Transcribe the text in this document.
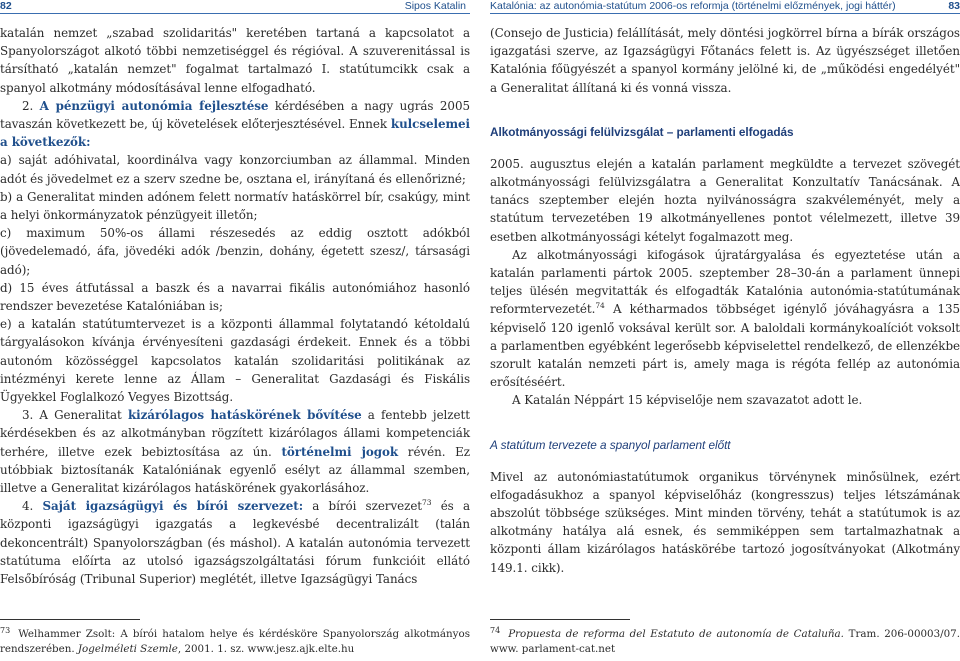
82	Sipos Katalin

katalán nemzet „szabad szolidaritás" keretében tartaná a kapcsolatot a Spanyolországot alkotó többi nemzetiséggel és régióval. A szuverenitással is társítható „katalán nemzet" fogalmat tartalmazó I. statútumcikk csak a spanyol alkotmány módosításával lenne elfogadható.

2. A pénzügyi autonómia fejlesztése kérdésében a nagy ugrás 2005 tavaszán következett be, új követelések előterjesztésével. Ennek kulcselemei a következők:

a) saját adóhivatal, koordinálva vagy konzorciumban az állammal. Minden adót és jövedelmet ez a szerv szedne be, osztana el, irányítaná és ellenőrizné;

b) a Generalitat minden adónem felett normatív hatáskörrel bír, csakúgy, mint a helyi önkormányzatok pénzügyeit illetőn;

c) maximum 50%-os állami részesedés az eddig osztott adókból (jövedelemadó, áfa, jövedéki adók /benzin, dohány, égetett szesz/, társasági adó);

d) 15 éves átfutással a baszk és a navarrai fikális autonómiához hasonló rendszer bevezetése Katalóniában is;

e) a katalán statútumtervezet is a központi állammal folytatandó kétoldalú tárgyalásokon kívánja érvényesíteni gazdasági érdekeit. Ennek és a többi autonóm közösséggel kapcsolatos katalán szolidaritási politikának az intézményi kerete lenne az Állam – Generalitat Gazdasági és Fiskális Ügyekkel Foglalkozó Vegyes Bizottság.

3. A Generalitat kizárólagos hatáskörének bővítése a fentebb jelzett kérdésekben és az alkotmányban rögzített kizárólagos állami kompetenciák terhére, illetve ezek bebiztosítása az ún. történelmi jogok révén. Ez utóbbiak biztosítanák Katalóniának egyenlő esélyt az állammal szemben, illetve a Generalitat kizárólagos hatáskörének gyakorlásához.

4. Saját igazságügyi és bírói szervezet: a bírói szervezet$^{73}$ és a központi igazságügyi igazgatás a legkevésbé decentralizált (talán dekoncentrált) Spanyolországban (és máshol). A katalán autonómia tervezett statútuma előírta az utolsó igazságszolgáltatási fórum funkcióit ellátó Felsőbíróság (Tribunal Superior) meglétét, illetve Igazságügyi Tanács

$^{73}$ Welhammer Zsolt: A bírói hatalom helye és kérdésköre Spanyolország alkotmányos rendszerében. Jogelméleti Szemle, 2001. 1. sz. www.jesz.ajk.elte.hu
Katalónia: az autonómia-statútum 2006-os reformja (történelmi előzmények, jogi háttér)	83

(Consejo de Justicia) felállítását, mely döntési jogkörrel bírna a bírák országos igazgatási szerve, az Igazságügyi Főtanács felett is. Az ügyészséget illetően Katalónia főügyészét a spanyol kormány jelölné ki, de „működési engedélyét" a Generalitat állítaná ki és vonná vissza.

Alkotmányossági felülvizsgálat – parlamenti elfogadás

2005. augusztus elején a katalán parlament megküldte a tervezet szövegét alkotmányossági felülvizsgálatra a Generalitat Konzultatív Tanácsának. A tanács szeptember elején hozta nyilvánosságra szakvéleményét, mely a statútum tervezetében 19 alkotmányellenes pontot vélelmezett, illetve 39 esetben alkotmányossági kételyt fogalmazott meg.

Az alkotmányossági kifogások újratárgyalása és egyeztetése után a katalán parlamenti pártok 2005. szeptember 28–30-án a parlament ünnepi teljes ülésén megvitatták és elfogadták Katalónia autonómia-statútumának reformtervezetét.$^{74}$ A kétharmados többséget igénylő jóváhagyásra a 135 képviselő 120 igenlő voksával került sor. A baloldali kormánykoalíciót voksolt a parlamentben egyébként legerősebb képviselettel rendelkező, de ellenzékbe szorult katalán nemzeti párt is, amely maga is régóta fellép az autonómia erősítéséért.

A Katalán Néppárt 15 képviselője nem szavazatot adott le.

A statútum tervezete a spanyol parlament előtt

Mivel az autonómiastatútumok organikus törvénynek minősülnek, ezért elfogadásukhoz a spanyol képviselőház (kongresszus) teljes létszámának abszolút többsége szükséges. Mint minden törvény, tehát a statútumok is az alkotmány hatálya alá esnek, és semmiképpen sem tartalmazhatnak a központi állam kizárólagos hatáskörébe tartozó jogosítványokat (Alkotmány 149.1. cikk).

$^{74}$ Propuesta de reforma del Estatuto de autonomía de Cataluña. Tram. 206-00003/07. www. parlament-cat.net
